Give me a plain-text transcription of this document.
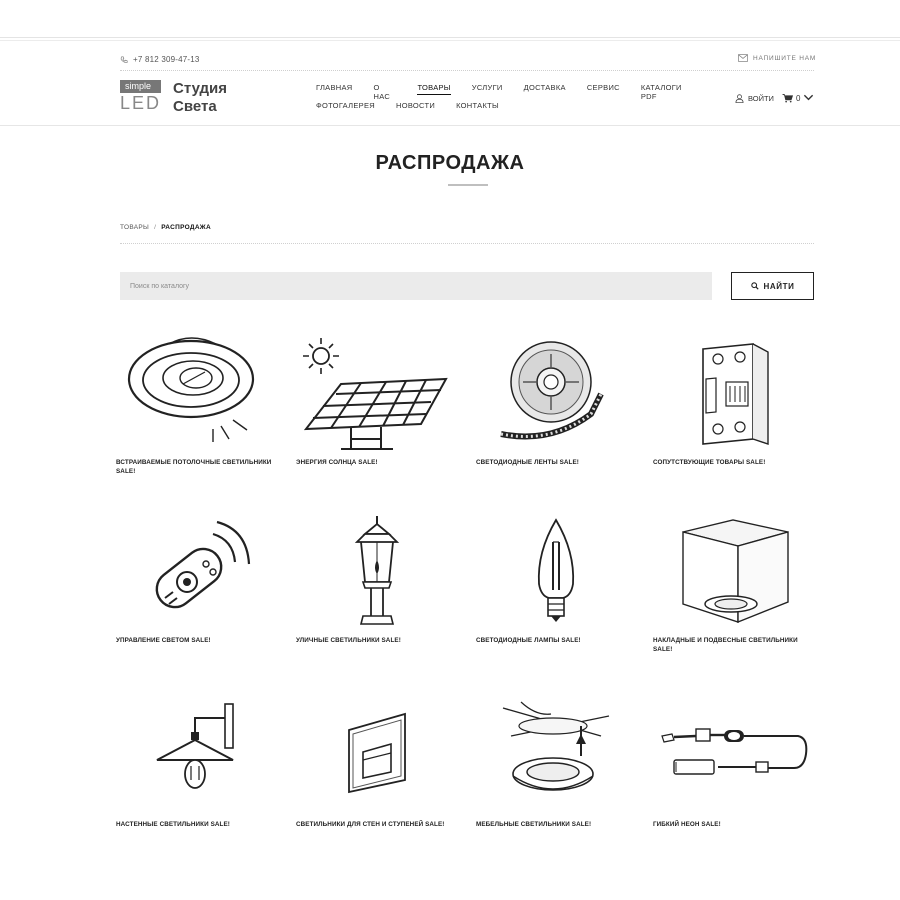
+7 812 309-47-13	НАПИШИТЕ НАМ
simple
LED
Студия
Света
ГЛАВНАЯ	О НАС
ТОВАРЫ	УСЛУГИ	ДОСТАВКА	СЕРВИС	КАТАЛОГИ PDF
ФОТОГАЛЕРЕЯ	НОВОСТИ	КОНТАКТЫ
ВОЙТИ	0
РАСПРОДАЖА
ТОВАРЫ / РАСПРОДАЖА
Поиск по каталогу
НАЙТИ
ВСТРАИВАЕМЫЕ ПОТОЛОЧНЫЕ СВЕТИЛЬНИКИ SALE!
ЭНЕРГИЯ СОЛНЦА SALE!	СВЕТОДИОДНЫЕ ЛЕНТЫ SALE!	СОПУТСТВУЮЩИЕ ТОВАРЫ SALE!
УПРАВЛЕНИЕ СВЕТОМ SALE!	УЛИЧНЫЕ СВЕТИЛЬНИКИ SALE!	СВЕТОДИОДНЫЕ ЛАМПЫ SALE!	НАКЛАДНЫЕ И ПОДВЕСНЫЕ СВЕТИЛЬНИКИ SALE!
НАСТЕННЫЕ СВЕТИЛЬНИКИ SALE!	СВЕТИЛЬНИКИ ДЛЯ СТЕН И СТУПЕНЕЙ SALE!	МЕБЕЛЬНЫЕ СВЕТИЛЬНИКИ SALE!	ГИБКИЙ НЕОН SALE!
